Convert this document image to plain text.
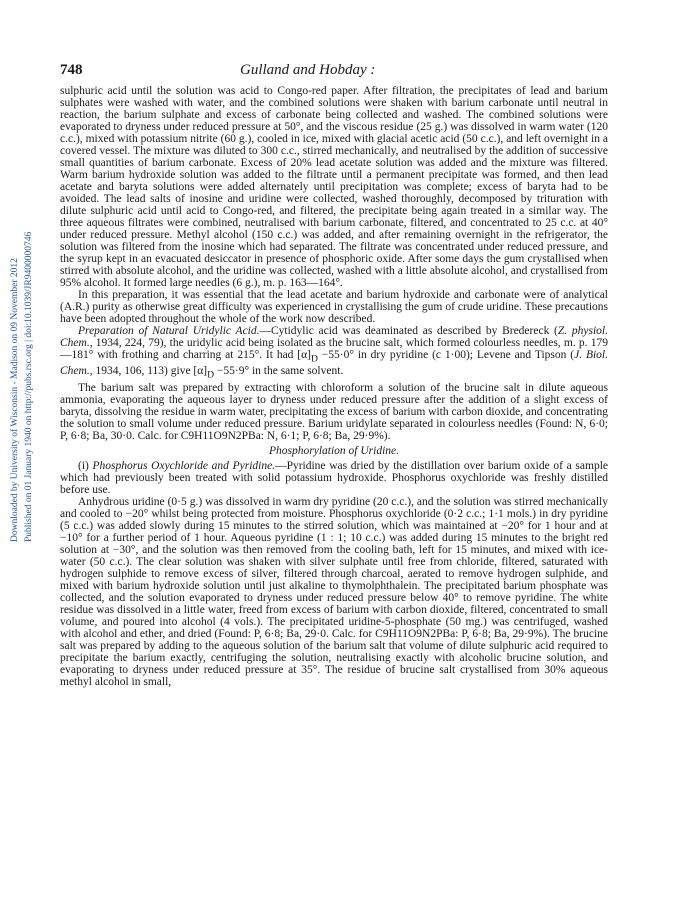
Downloaded by University of Wisconsin - Madison on 09 November 2012 Published on 01 January 1940 on http://pubs.rsc.org | doi:10.1039/JR9400000746
748	Gulland and Hobday :

sulphuric acid until the solution was acid to Congo-red paper. After filtration, the precipitates of lead and barium sulphates were washed with water, and the combined solutions were shaken with barium carbonate until neutral in reaction, the barium sulphate and excess of carbonate being collected and washed. The combined solutions were evaporated to dryness under reduced pressure at 50°, and the viscous residue (25 g.) was dissolved in warm water (120 c.c.), mixed with potassium nitrite (60 g.), cooled in ice, mixed with glacial acetic acid (50 c.c.), and left overnight in a covered vessel. The mixture was diluted to 300 c.c., stirred mechanically, and neutralised by the addition of successive small quantities of barium carbonate. Excess of 20% lead acetate solution was added and the mixture was filtered. Warm barium hydroxide solution was added to the filtrate until a permanent precipitate was formed, and then lead acetate and baryta solutions were added alternately until precipitation was complete; excess of baryta had to be avoided. The lead salts of inosine and uridine were collected, washed thoroughly, decomposed by trituration with dilute sulphuric acid until acid to Congo-red, and filtered, the precipitate being again treated in a similar way. The three aqueous filtrates were combined, neutralised with barium carbonate, filtered, and concentrated to 25 c.c. at 40° under reduced pressure. Methyl alcohol (150 c.c.) was added, and after remaining overnight in the refrigerator, the solution was filtered from the inosine which had separated. The filtrate was concentrated under reduced pressure, and the syrup kept in an evacuated desiccator in presence of phosphoric oxide. After some days the gum crystallised when stirred with absolute alcohol, and the uridine was collected, washed with a little absolute alcohol, and crystallised from 95% alcohol. It formed large needles (6 g.), m. p. 163—164°.

In this preparation, it was essential that the lead acetate and barium hydroxide and carbonate were of analytical (A.R.) purity as otherwise great difficulty was experienced in crystallising the gum of crude uridine. These precautions have been adopted throughout the whole of the work now described.

Preparation of Natural Uridylic Acid.—Cytidylic acid was deaminated as described by Bredereck (Z. physiol. Chem., 1934, 224, 79), the uridylic acid being isolated as the brucine salt, which formed colourless needles, m. p. 179—181° with frothing and charring at 215°. It had $[\alpha]_D -55\cdot 0^\circ$ in dry pyridine (c 1·00); Levene and Tipson (J. Biol. Chem., 1934, 106, 113) give $[\alpha]_D -55\cdot 9^\circ$ in the same solvent.

The barium salt was prepared by extracting with chloroform a solution of the brucine salt in dilute aqueous ammonia, evaporating the aqueous layer to dryness under reduced pressure after the addition of a slight excess of baryta, dissolving the residue in warm water, precipitating the excess of barium with carbon dioxide, and concentrating the solution to small volume under reduced pressure. Barium uridylate separated in colourless needles (Found: N, 6·0; P, 6·8; Ba, 30·0. Calc. for C9H11O9N2PBa: N, 6·1; P, 6·8; Ba, 29·9%).

Phosphorylation of Uridine.

(i) Phosphorus Oxychloride and Pyridine.—Pyridine was dried by the distillation over barium oxide of a sample which had previously been treated with solid potassium hydroxide. Phosphorus oxychloride was freshly distilled before use.

Anhydrous uridine (0·5 g.) was dissolved in warm dry pyridine (20 c.c.), and the solution was stirred mechanically and cooled to −20° whilst being protected from moisture. Phosphorus oxychloride (0·2 c.c.; 1·1 mols.) in dry pyridine (5 c.c.) was added slowly during 15 minutes to the stirred solution, which was maintained at −20° for 1 hour and at −10° for a further period of 1 hour. Aqueous pyridine (1 : 1; 10 c.c.) was added during 15 minutes to the bright red solution at −30°, and the solution was then removed from the cooling bath, left for 15 minutes, and mixed with ice-water (50 c.c.). The clear solution was shaken with silver sulphate until free from chloride, filtered, saturated with hydrogen sulphide to remove excess of silver, filtered through charcoal, aerated to remove hydrogen sulphide, and mixed with barium hydroxide solution until just alkaline to thymolphthalein. The precipitated barium phosphate was collected, and the solution evaporated to dryness under reduced pressure below 40° to remove pyridine. The white residue was dissolved in a little water, freed from excess of barium with carbon dioxide, filtered, concentrated to small volume, and poured into alcohol (4 vols.). The precipitated uridine-5-phosphate (50 mg.) was centrifuged, washed with alcohol and ether, and dried (Found: P, 6·8; Ba, 29·0. Calc. for C9H11O9N2PBa: P, 6·8; Ba, 29·9%). The brucine salt was prepared by adding to the aqueous solution of the barium salt that volume of dilute sulphuric acid required to precipitate the barium exactly, centrifuging the solution, neutralising exactly with alcoholic brucine solution, and evaporating to dryness under reduced pressure at 35°. The residue of brucine salt crystallised from 30% aqueous methyl alcohol in small,
